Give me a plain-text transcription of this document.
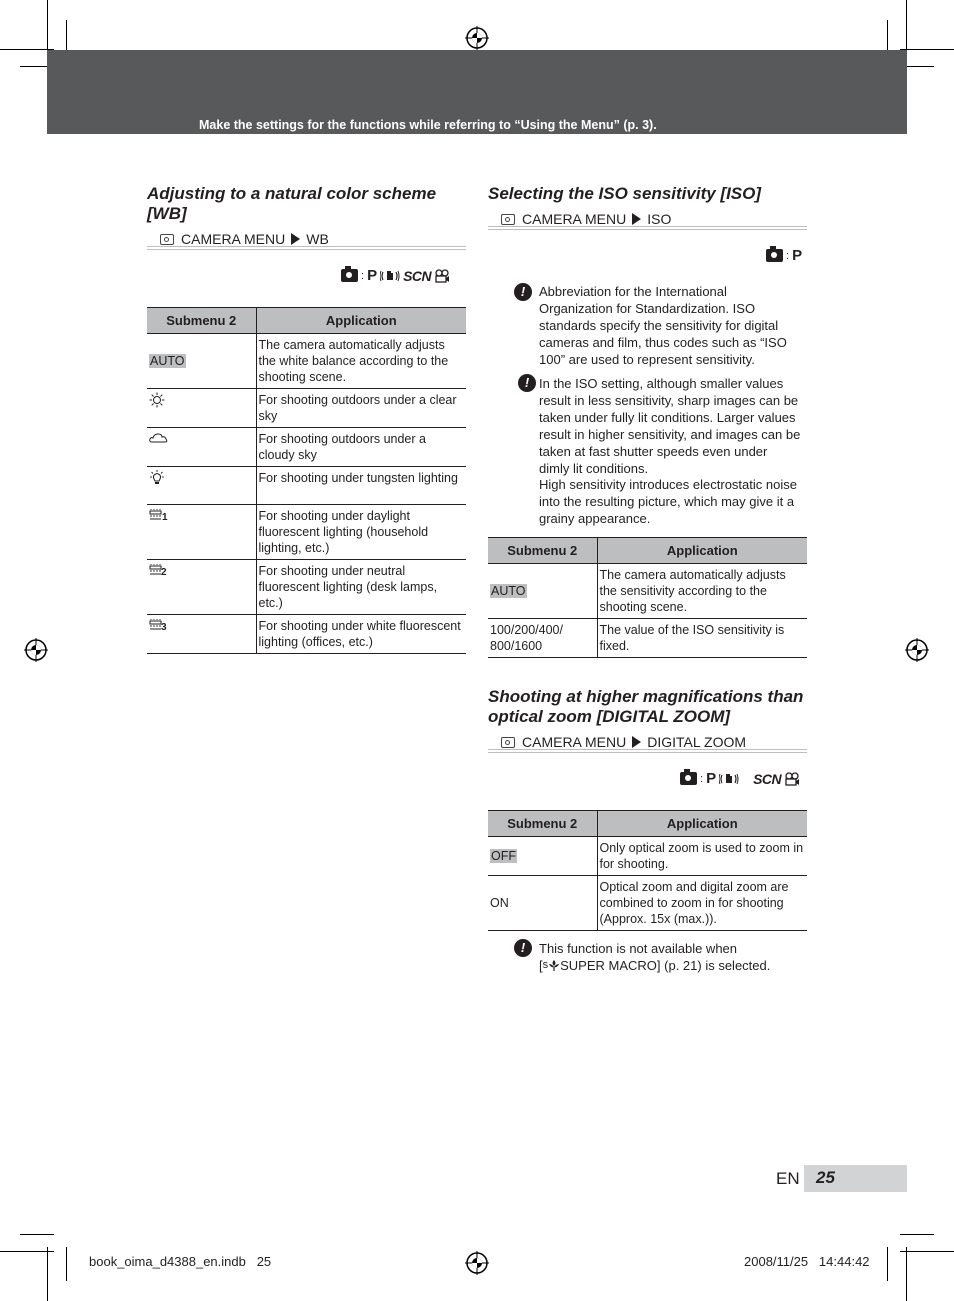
Make the settings for the functions while referring to “Using the Menu” (p. 3).
Adjusting to a natural color scheme [WB]
CAMERA MENU WB
: P SCN
Submenu 2	Application
AUTO	The camera automatically adjusts the white balance according to the shooting scene.

	For shooting outdoors under a clear sky

	For shooting outdoors under a cloudy sky

	For shooting under tungsten lighting

1	For shooting under daylight fluorescent lighting (household lighting, etc.)

2	For shooting under neutral fluorescent lighting (desk lamps, etc.)

3	For shooting under white fluorescent lighting (offices, etc.)
Selecting the ISO sensitivity [ISO]
CAMERA MENU ISO
: P
!	Abbreviation for the International Organization for Standardization. ISO standards specify the sensitivity for digital cameras and film, thus codes such as “ISO 100” are used to represent sensitivity.
! In the ISO setting, although smaller values result in less sensitivity, sharp images can be taken under fully lit conditions. Larger values result in higher sensitivity, and images can be taken at fast shutter speeds even under dimly lit conditions.
High sensitivity introduces electrostatic noise into the resulting picture, which may give it a grainy appearance.
Submenu 2	Application
AUTO	The camera automatically adjusts the sensitivity according to the shooting scene.
100/200/400/ 800/1600	The value of the ISO sensitivity is fixed.
Shooting at higher magnifications than optical zoom [DIGITAL ZOOM]
CAMERA MENU DIGITAL ZOOM
: P	SCN
Submenu 2	Application
OFF	Only optical zoom is used to zoom in for shooting.
ON	Optical zoom and digital zoom are combined to zoom in for shooting (Approx. 15x (max.)).
!	This function is not available when
[ s SUPER MACRO] (p. 21) is selected.
EN 25
book_oima_d4388_en.indb   25	2008/11/25   14:44:42
